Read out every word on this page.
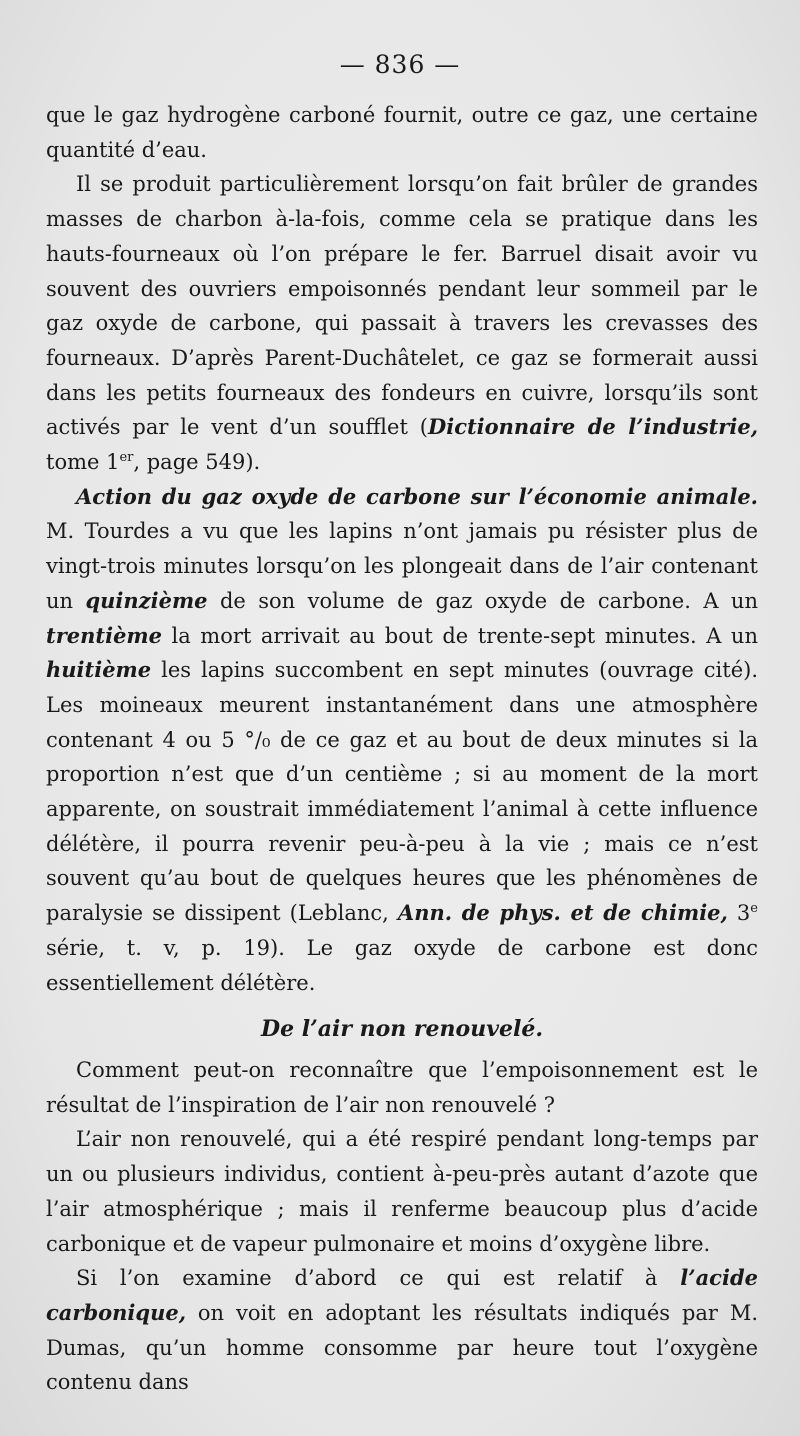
— 836 —

que le gaz hydrogène carboné fournit, outre ce gaz, une certaine quantité d’eau.

Il se produit particulièrement lorsqu’on fait brûler de grandes masses de charbon à-la-fois, comme cela se pratique dans les hauts-fourneaux où l’on prépare le fer. Barruel disait avoir vu souvent des ouvriers empoisonnés pendant leur sommeil par le gaz oxyde de carbone, qui passait à travers les crevasses des fourneaux. D’après Parent-Duchâtelet, ce gaz se formerait aussi dans les petits fourneaux des fondeurs en cuivre, lorsqu’ils sont activés par le vent d’un soufflet (Dictionnaire de l’industrie, tome 1er, page 549).

Action du gaz oxyde de carbone sur l’économie animale. M. Tourdes a vu que les lapins n’ont jamais pu résister plus de vingt-trois minutes lorsqu’on les plongeait dans de l’air contenant un quinzième de son volume de gaz oxyde de carbone. A un trentième la mort arrivait au bout de trente-sept minutes. A un huitième les lapins succombent en sept minutes (ouvrage cité). Les moineaux meurent instantanément dans une atmosphère contenant 4 ou 5 °/₀ de ce gaz et au bout de deux minutes si la proportion n’est que d’un centième ; si au moment de la mort apparente, on soustrait immédiatement l’animal à cette influence délétère, il pourra revenir peu-à-peu à la vie ; mais ce n’est souvent qu’au bout de quelques heures que les phénomènes de paralysie se dissipent (Leblanc, Ann. de phys. et de chimie, 3e série, t. v, p. 19). Le gaz oxyde de carbone est donc essentiellement délétère.

De l’air non renouvelé.

Comment peut-on reconnaître que l’empoisonnement est le résultat de l’inspiration de l’air non renouvelé ?

L’air non renouvelé, qui a été respiré pendant long-temps par un ou plusieurs individus, contient à-peu-près autant d’azote que l’air atmosphérique ; mais il renferme beaucoup plus d’acide carbonique et de vapeur pulmonaire et moins d’oxygène libre.

Si l’on examine d’abord ce qui est relatif à l’acide carbonique, on voit en adoptant les résultats indiqués par M. Dumas, qu’un homme consomme par heure tout l’oxygène contenu dans
